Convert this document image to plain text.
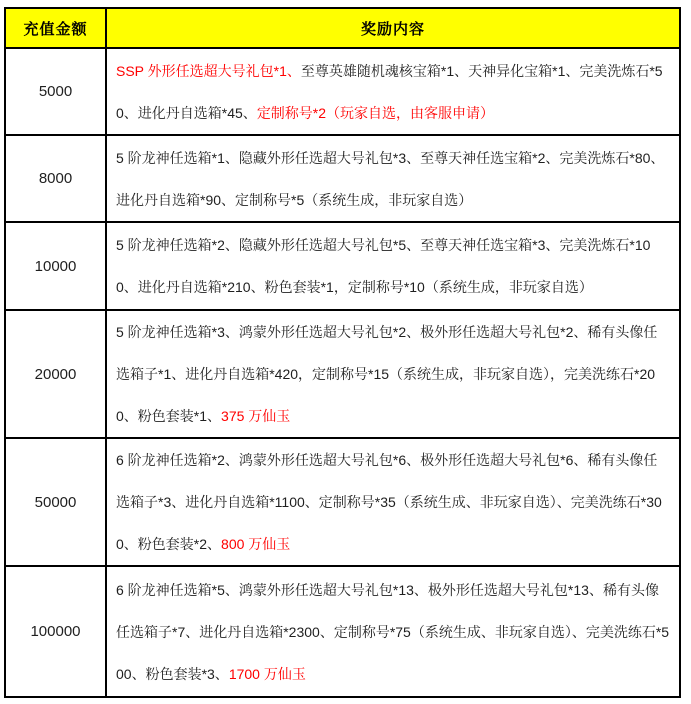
充值金额	奖励内容
5000	SSP 外形任选超大号礼包*1、至尊英雄随机魂核宝箱*1、天神异化宝箱*1、完美洗炼石*50、进化丹自选箱*45、定制称号*2（玩家自选，由客服申请）
8000	5 阶龙神任选箱*1、隐藏外形任选超大号礼包*3、至尊天神任选宝箱*2、完美洗炼石*80、进化丹自选箱*90、定制称号*5（系统生成，非玩家自选）
10000	5 阶龙神任选箱*2、隐藏外形任选超大号礼包*5、至尊天神任选宝箱*3、完美洗炼石*100、进化丹自选箱*210、粉色套装*1，定制称号*10（系统生成，非玩家自选）
20000	5 阶龙神任选箱*3、鸿蒙外形任选超大号礼包*2、极外形任选超大号礼包*2、稀有头像任选箱子*1、进化丹自选箱*420，定制称号*15（系统生成，非玩家自选），完美洗练石*200、粉色套装*1、375 万仙玉
50000	6 阶龙神任选箱*2、鸿蒙外形任选超大号礼包*6、极外形任选超大号礼包*6、稀有头像任选箱子*3、进化丹自选箱*1100、定制称号*35（系统生成、非玩家自选）、完美洗练石*300、粉色套装*2、800 万仙玉
100000	6 阶龙神任选箱*5、鸿蒙外形任选超大号礼包*13、极外形任选超大号礼包*13、稀有头像任选箱子*7、进化丹自选箱*2300、定制称号*75（系统生成、非玩家自选）、完美洗练石*500、粉色套装*3、1700 万仙玉
